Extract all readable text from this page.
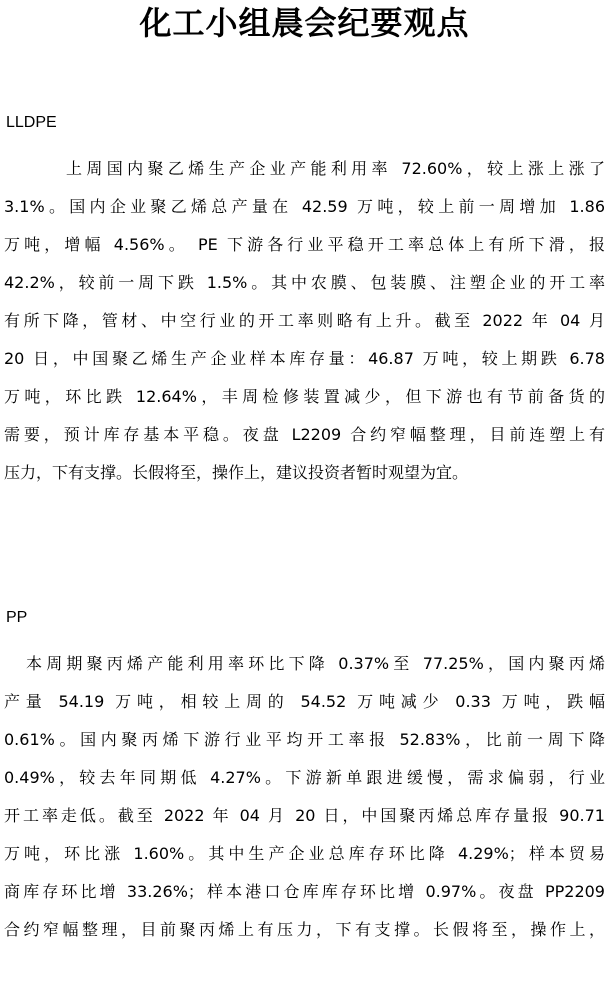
化工小组晨会纪要观点
LLDPE
上周国内聚乙烯生产企业产能利用率 72.60%，较上涨上涨了
3.1%。国内企业聚乙烯总产量在 42.59 万吨，较上前一周增加 1.86
万吨，增幅 4.56%。 PE 下游各行业平稳开工率总体上有所下滑，报
42.2%，较前一周下跌 1.5%。其中农膜、包装膜、注塑企业的开工率
有所下降，管材、中空行业的开工率则略有上升。截至 2022 年 04 月
20 日，中国聚乙烯生产企业样本库存量：46.87 万吨，较上期跌 6.78
万吨，环比跌 12.64%，丰周检修装置减少，但下游也有节前备货的
需要，预计库存基本平稳。夜盘 L2209 合约窄幅整理，目前连塑上有
压力，下有支撑。长假将至，操作上，建议投资者暂时观望为宜。
PP
本周期聚丙烯产能利用率环比下降 0.37%至 77.25%，国内聚丙烯
产量 54.19 万吨，相较上周的 54.52 万吨减少 0.33 万吨，跌幅
0.61%。国内聚丙烯下游行业平均开工率报 52.83%，比前一周下降
0.49%，较去年同期低 4.27%。下游新单跟进缓慢，需求偏弱，行业
开工率走低。截至 2022 年 04 月 20 日，中国聚丙烯总库存量报 90.71
万吨，环比涨 1.60%。其中生产企业总库存环比降 4.29%；样本贸易
商库存环比增 33.26%；样本港口仓库库存环比增 0.97%。夜盘 PP2209
合约窄幅整理，目前聚丙烯上有压力，下有支撑。长假将至，操作上，
